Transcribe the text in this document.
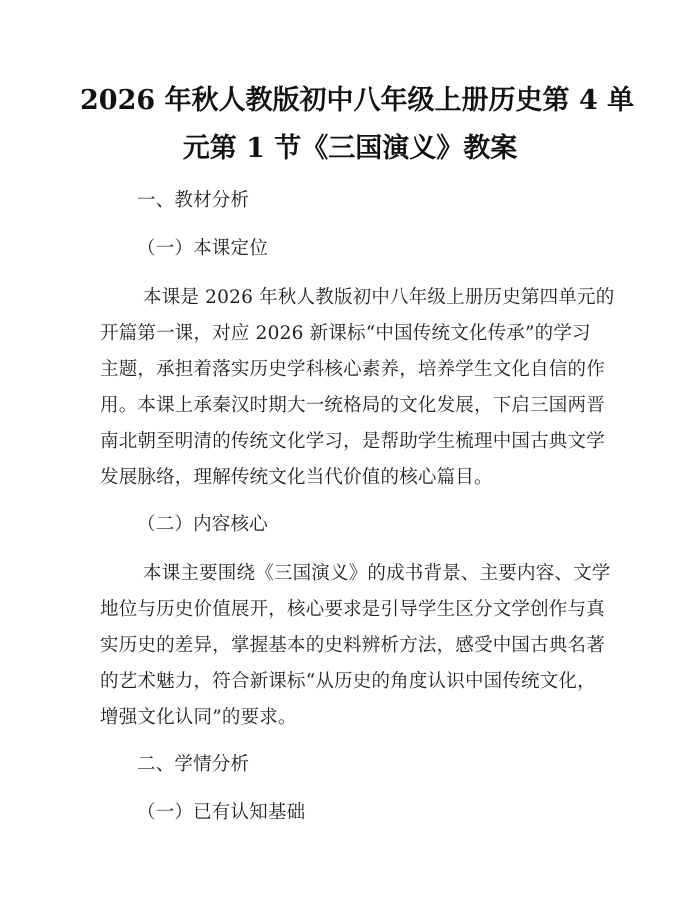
2026 年秋人教版初中八年级上册历史第 4 单
元第 1 节《三国演义》教案
一、教材分析
（一）本课定位
本课是 2026 年秋人教版初中八年级上册历史第四单元的
开篇第一课，对应 2026 新课标“中国传统文化传承”的学习
主题，承担着落实历史学科核心素养，培养学生文化自信的作
用。本课上承秦汉时期大一统格局的文化发展，下启三国两晋
南北朝至明清的传统文化学习，是帮助学生梳理中国古典文学
发展脉络，理解传统文化当代价值的核心篇目。
（二）内容核心
本课主要围绕《三国演义》的成书背景、主要内容、文学
地位与历史价值展开，核心要求是引导学生区分文学创作与真
实历史的差异，掌握基本的史料辨析方法，感受中国古典名著
的艺术魅力，符合新课标“从历史的角度认识中国传统文化，
增强文化认同”的要求。
二、学情分析
（一）已有认知基础
